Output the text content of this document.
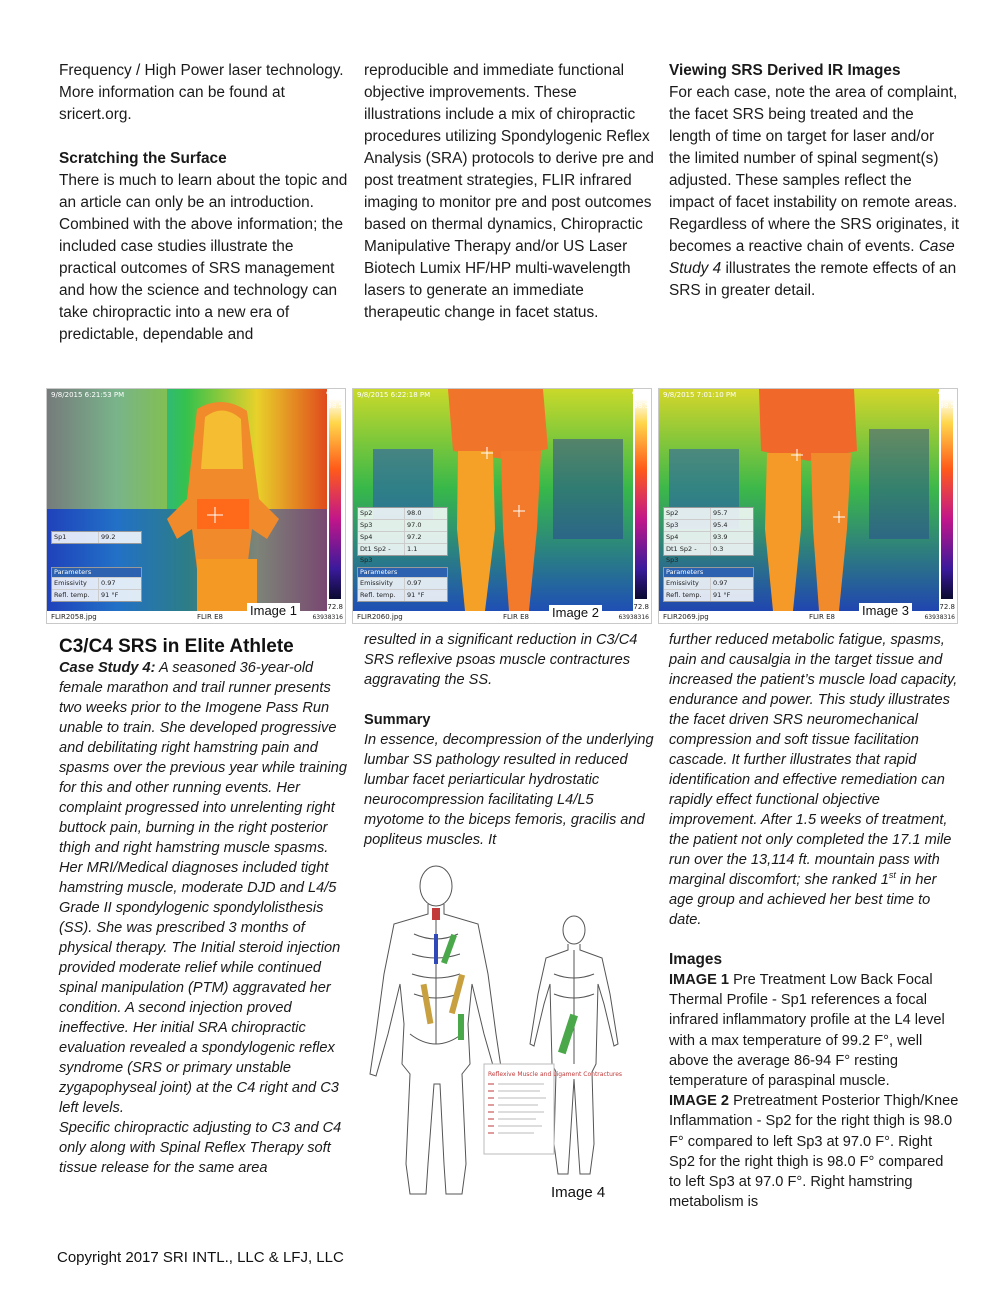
Frequency / High Power laser technology. More information can be found at sricert.org.

Scratching the Surface

There is much to learn about the topic and an article can only be an introduction. Combined with the above information; the included case studies illustrate the practical outcomes of SRS management and how the science and technology can take chiropractic into a new era of predictable, dependable and

reproducible and immediate functional objective improvements. These illustrations include a mix of chiropractic procedures utilizing Spondylogenic Reflex Analysis (SRA) protocols to derive pre and post treatment strategies, FLIR infrared imaging to monitor pre and post outcomes based on thermal dynamics, Chiropractic Manipulative Therapy and/or US Laser Biotech Lumix HF/HP multi-wavelength lasers to generate an immediate therapeutic change in facet status.

Viewing SRS Derived IR Images

For each case, note the area of complaint, the facet SRS being treated and the length of time on target for laser and/or the limited number of spinal segment(s) adjusted. These samples reflect the impact of facet instability on remote areas. Regardless of where the SRS originates, it becomes a reactive chain of events. Case Study 4 illustrates the remote effects of an SRS in greater detail.

9/8/2015 6:21:53 PM	°F
98.5
72.8
Sp1	99.2
Parameters
Emissivity	0.97
Refl. temp.	91 °F
FLIR2058.jpg	FLIR E8	63938316
Image 1
9/8/2015 6:22:18 PM	°F
98.5
72.8
Sp2	98.0
Sp3	97.0
Sp4	97.2
Dt1 Sp2 - Sp3
1.1
Parameters
Emissivity	0.97
Refl. temp.	91 °F
FLIR2060.jpg	FLIR E8	63938316
Image 2
9/8/2015 7:01:10 PM	°F
98.5
72.8
Sp2	95.7
Sp3	95.4
Sp4	93.9
Dt1 Sp2 - Sp3
0.3
Parameters
Emissivity	0.97
Refl. temp.	91 °F
FLIR2069.jpg	FLIR E8	63938316
Image 3
C3/C4 SRS in Elite Athlete

Case Study 4: A seasoned 36-year-old female marathon and trail runner presents two weeks prior to the Imogene Pass Run unable to train. She developed progressive and debilitating right hamstring pain and spasms over the previous year while training for this and other running events. Her complaint progressed into unrelenting right buttock pain, burning in the right posterior thigh and right hamstring muscle spasms. Her MRI/Medical diagnoses included tight hamstring muscle, moderate DJD and L4/5 Grade II spondylogenic spondylolisthesis (SS). She was prescribed 3 months of physical therapy. The Initial steroid injection provided moderate relief while continued spinal manipulation (PTM) aggravated her condition. A second injection proved ineffective. Her initial SRA chiropractic evaluation revealed a spondylogenic reflex syndrome (SRS or primary unstable zygapophyseal joint) at the C4 right and C3 left levels.

Specific chiropractic adjusting to C3 and C4 only along with Spinal Reflex Therapy soft tissue release for the same area

resulted in a significant reduction in C3/C4 SRS reflexive psoas muscle contractures aggravating the SS.

Summary

In essence, decompression of the underlying lumbar SS pathology resulted in reduced lumbar facet periarticular hydrostatic neurocompression facilitating L4/L5 myotome to the biceps femoris, gracilis and popliteus muscles. It

Reflexive Muscle and Ligament Contractures
Image 4

further reduced metabolic fatigue, spasms, pain and causalgia in the target tissue and increased the patient’s muscle load capacity, endurance and power. This study illustrates the facet driven SRS neuromechanical compression and soft tissue facilitation cascade. It further illustrates that rapid identification and effective remediation can rapidly effect functional objective improvement. After 1.5 weeks of treatment, the patient not only completed the 17.1 mile run over the 13,114 ft. mountain pass with marginal discomfort; she ranked 1st in her age group and achieved her best time to date.

Images

IMAGE 1 Pre Treatment Low Back Focal Thermal Profile - Sp1 references a focal infrared inflammatory profile at the L4 level with a max temperature of 99.2 F°, well above the average 86-94 F° resting temperature of paraspinal muscle.

IMAGE 2 Pretreatment Posterior Thigh/Knee Inflammation - Sp2 for the right thigh is 98.0 F° compared to left Sp3 at 97.0 F°. Right Sp2 for the right thigh is 98.0 F° compared to left Sp3 at 97.0 F°. Right hamstring metabolism is

Copyright 2017 SRI INTL., LLC & LFJ, LLC
